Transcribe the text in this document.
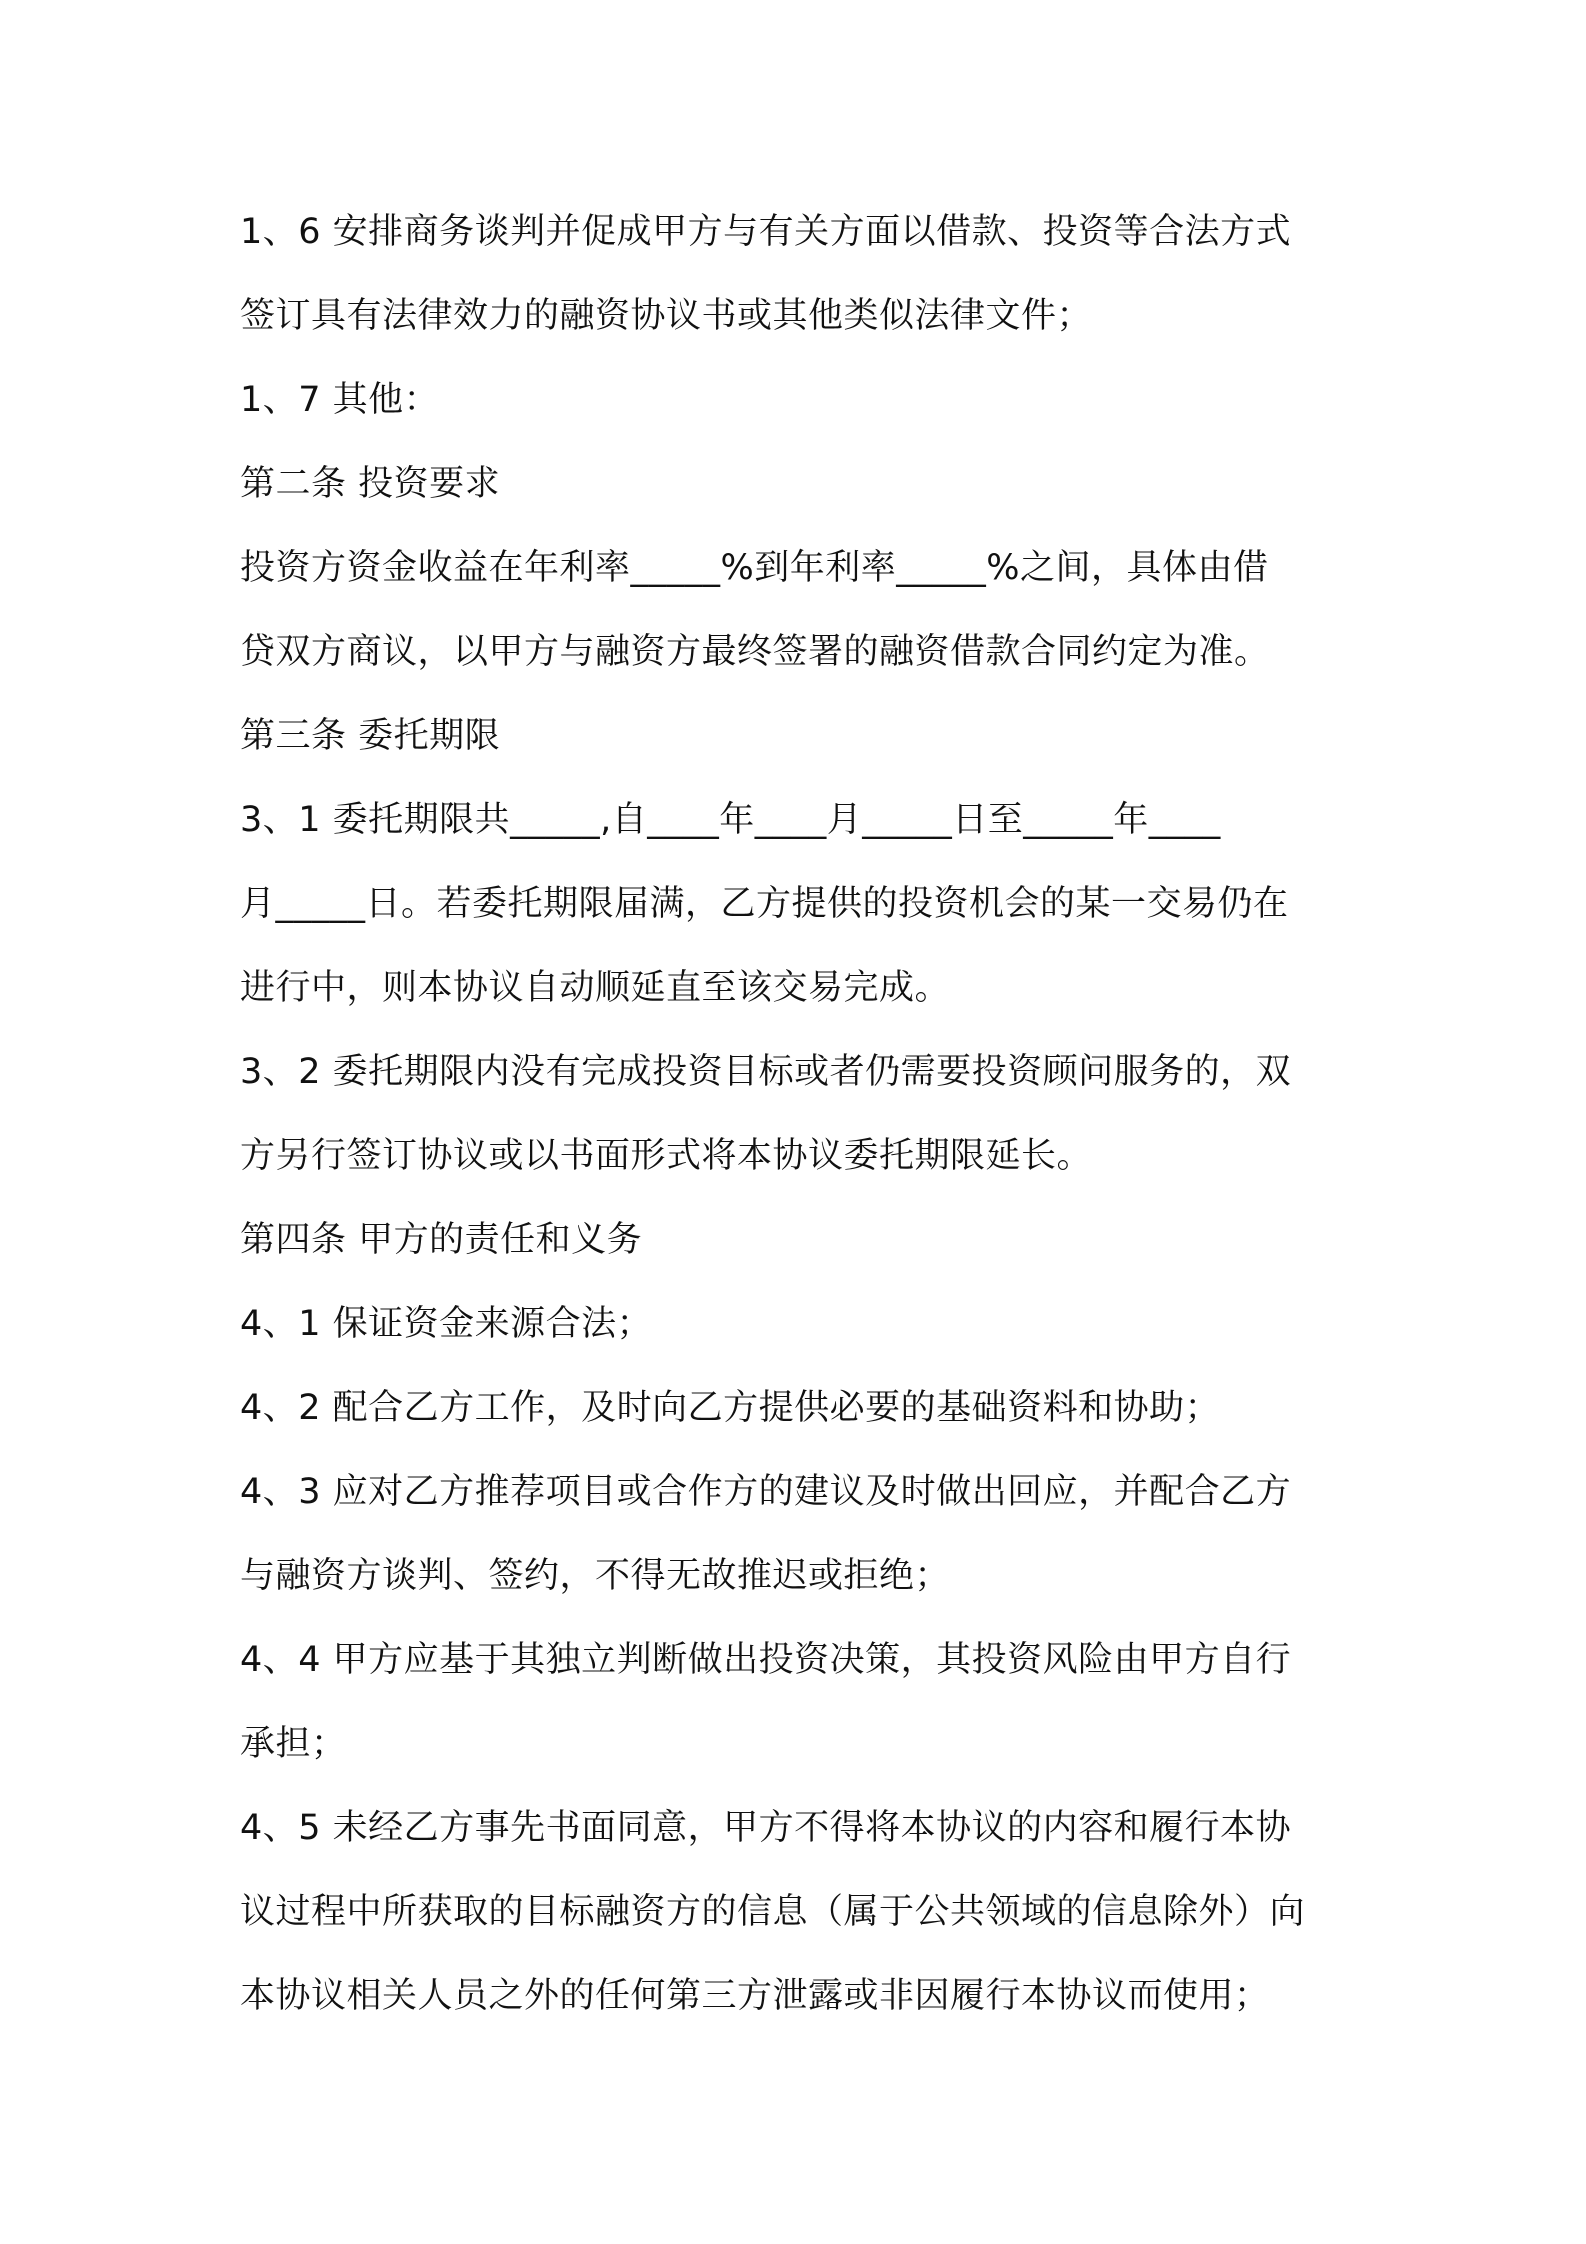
1、6 安排商务谈判并促成甲方与有关方面以借款、投资等合法方式
签订具有法律效力的融资协议书或其他类似法律文件；
1、7 其他：
第二条 投资要求
投资方资金收益在年利率_____%到年利率_____%之间，具体由借
贷双方商议，以甲方与融资方最终签署的融资借款合同约定为准。
第三条 委托期限
3、1 委托期限共_____,自____年____月_____日至_____年____
月_____日。若委托期限届满，乙方提供的投资机会的某一交易仍在
进行中，则本协议自动顺延直至该交易完成。
3、2 委托期限内没有完成投资目标或者仍需要投资顾问服务的，双
方另行签订协议或以书面形式将本协议委托期限延长。
第四条 甲方的责任和义务
4、1 保证资金来源合法；
4、2 配合乙方工作，及时向乙方提供必要的基础资料和协助；
4、3 应对乙方推荐项目或合作方的建议及时做出回应，并配合乙方
与融资方谈判、签约，不得无故推迟或拒绝；
4、4 甲方应基于其独立判断做出投资决策，其投资风险由甲方自行
承担；
4、5 未经乙方事先书面同意，甲方不得将本协议的内容和履行本协
议过程中所获取的目标融资方的信息（属于公共领域的信息除外）向
本协议相关人员之外的任何第三方泄露或非因履行本协议而使用；
